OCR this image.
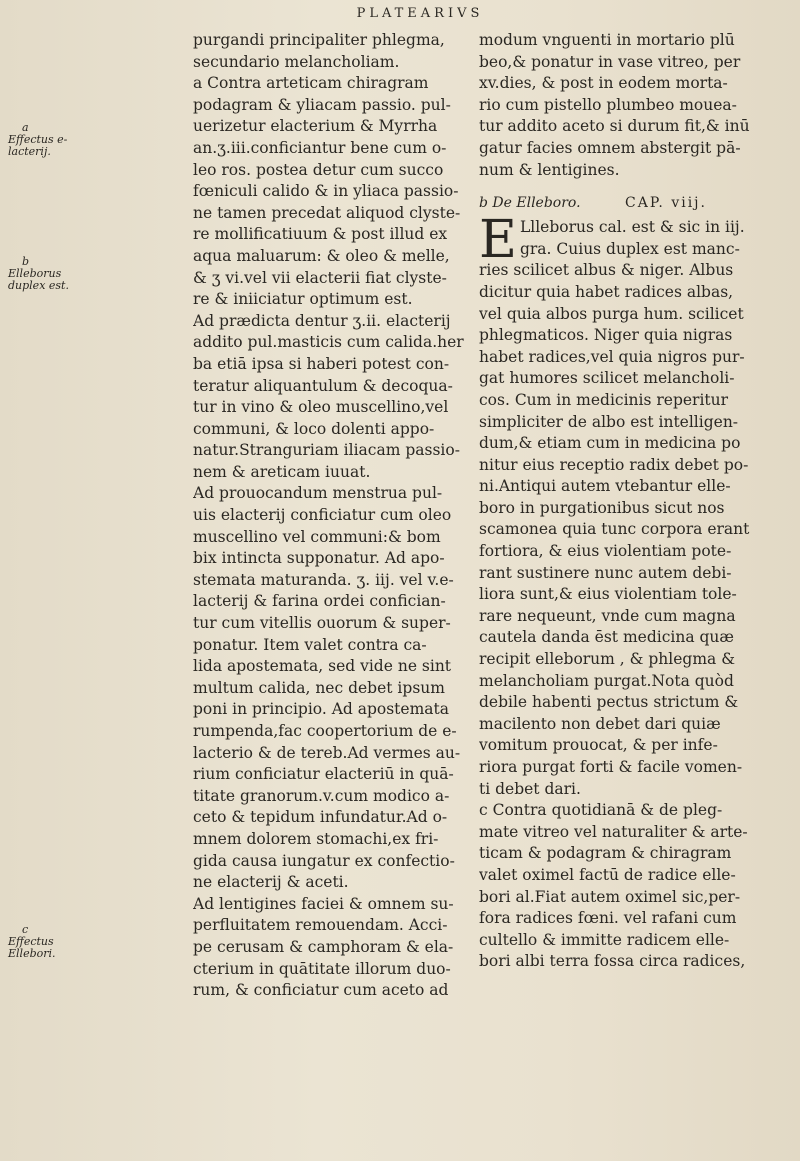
PLATEARIVS
a
Effectus e- lacterij.
b
Elleborus duplex est.
c
Effectus Ellebori.
purgandi principaliter phlegma,
secundario melancholiam.
a Contra arteticam chiragram
podagram & yliacam passio. pul-
uerizetur elacterium & Myrrha
an.ʒ.iii.conficiantur bene cum o-
leo ros. postea detur cum succo
fœniculi calido & in yliaca passio-
ne tamen precedat aliquod clyste-
re mollificatiuum & post illud ex
aqua maluarum: & oleo & melle,
& ʒ vi.vel vii elacterii fiat clyste-
re & iniiciatur optimum est.
Ad prædicta dentur ʒ.ii. elacterij
addito pul.masticis cum calida.her
ba etiā ipsa si haberi potest con-
teratur aliquantulum & decoqua-
tur in vino & oleo muscellino,vel
communi, & loco dolenti appo-
natur.Stranguriam iliacam passio-
nem & areticam iuuat.
Ad prouocandum menstrua pul-
uis elacterij conficiatur cum oleo
muscellino vel communi:& bom
bix intincta supponatur. Ad apo-
stemata maturanda. ʒ. iij. vel v.e-
lacterij & farina ordei confician-
tur cum vitellis ouorum & super-
ponatur. Item valet contra ca-
lida apostemata, sed vide ne sint
multum calida, nec debet ipsum
poni in principio. Ad apostemata
rumpenda,fac coopertorium de e-
lacterio & de tereb.Ad vermes au-
rium conficiatur elacteriū in quā-
titate granorum.v.cum modico a-
ceto & tepidum infundatur.Ad o-
mnem dolorem stomachi,ex fri-
gida causa iungatur ex confectio-
ne elacterij & aceti.
Ad lentigines faciei & omnem su-
perfluitatem remouendam. Acci-
pe cerusam & camphoram & ela-
cterium in quātitate illorum duo-
rum, & conficiatur cum aceto ad
modum vnguenti in mortario plū
beo,& ponatur in vase vitreo, per
xv.dies, & post in eodem morta-
rio cum pistello plumbeo mouea-
tur addito aceto si durum fit,& inū
gatur facies omnem abstergit pā-
num & lentigines.
b De Elleboro.	CAP. viij.
E Llleborus cal. est & sic in iij.
gra. Cuius duplex est manc-
ries scilicet albus & niger. Albus
dicitur quia habet radices albas,
vel quia albos purga hum. scilicet
phlegmaticos. Niger quia nigras
habet radices,vel quia nigros pur-
gat humores scilicet melancholi-
cos. Cum in medicinis reperitur
simpliciter de albo est intelligen-
dum,& etiam cum in medicina po
nitur eius receptio radix debet po-
ni.Antiqui autem vtebantur elle-
boro in purgationibus sicut nos
scamonea quia tunc corpora erant
fortiora, & eius violentiam pote-
rant sustinere nunc autem debi-
liora sunt,& eius violentiam tole-
rare nequeunt, vnde cum magna
cautela danda ēst medicina quæ
recipit elleborum , & phlegma &
melancholiam purgat.Nota quòd
debile habenti pectus strictum &
macilento non debet dari quiæ
vomitum prouocat, & per infe-
riora purgat forti & facile vomen-
ti debet dari.
c Contra quotidianā & de pleg-
mate vitreo vel naturaliter & arte-
ticam & podagram & chiragram
valet oximel factū de radice elle-
bori al.Fiat autem oximel sic,per-
fora radices fœni. vel rafani cum
cultello & immitte radicem elle-
bori albi terra fossa circa radices,
